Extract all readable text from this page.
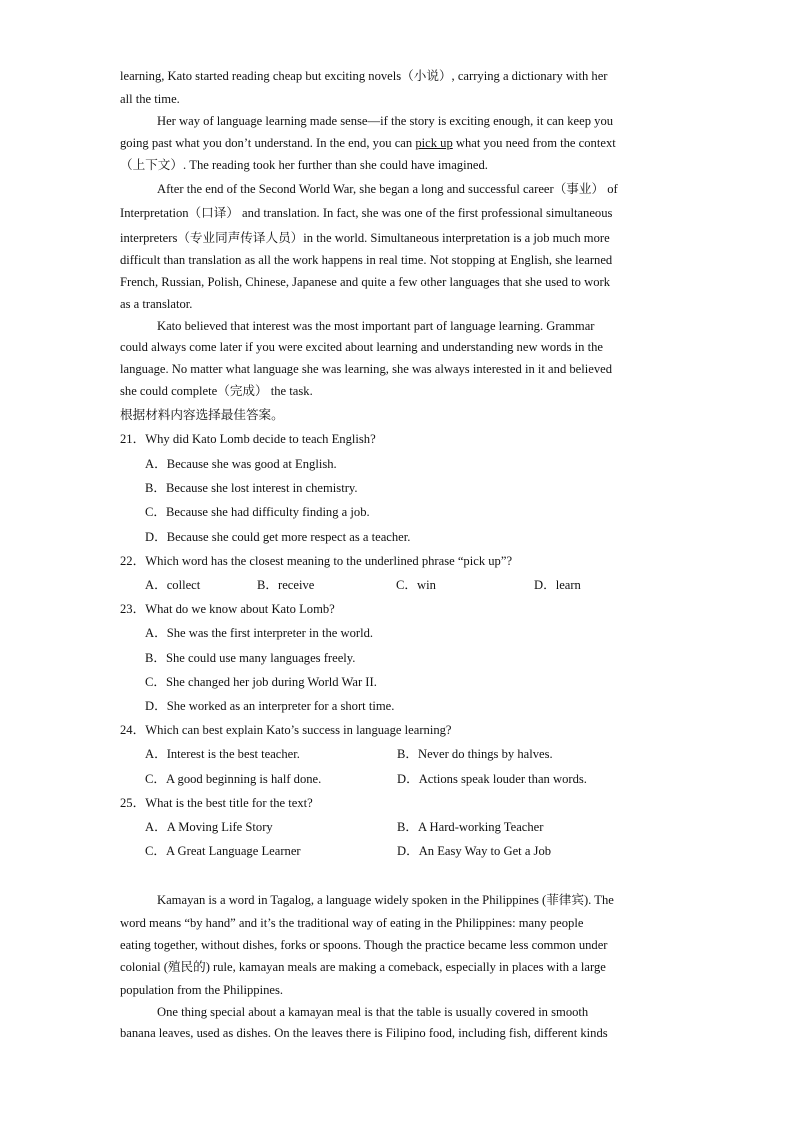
learning, Kato started reading cheap but exciting novels（小说）, carrying a dictionary with her
all the time.
Her way of language learning made sense—if the story is exciting enough, it can keep you
going past what you don’t understand. In the end, you can pick up what you need from the context
（上下文）. The reading took her further than she could have imagined.
After the end of the Second World War, she began a long and successful career（事业） of
Interpretation（口译） and translation. In fact, she was one of the first professional simultaneous
interpreters（专业同声传译人员）in the world. Simultaneous interpretation is a job much more
difficult than translation as all the work happens in real time. Not stopping at English, she learned
French, Russian, Polish, Chinese, Japanese and quite a few other languages that she used to work
as a translator.
Kato believed that interest was the most important part of language learning. Grammar
could always come later if you were excited about learning and understanding new words in the
language. No matter what language she was learning, she was always interested in it and believed
she could complete（完成） the task.
根据材料内容选择最佳答案。
21．Why did Kato Lomb decide to teach English?
A．Because she was good at English.
B．Because she lost interest in chemistry.
C．Because she had difficulty finding a job.
D．Because she could get more respect as a teacher.
22．Which word has the closest meaning to the underlined phrase “pick up”?
A．collect	B．receive	C．win	D．learn
23．What do we know about Kato Lomb?
A．She was the first interpreter in the world.
B．She could use many languages freely.
C．She changed her job during World War II.
D．She worked as an interpreter for a short time.
24．Which can best explain Kato’s success in language learning?
A．Interest is the best teacher.	B．Never do things by halves.
C．A good beginning is half done.	D．Actions speak louder than words.
25．What is the best title for the text?
A．A Moving Life Story	B．A Hard-working Teacher
C．A Great Language Learner	D．An Easy Way to Get a Job
Kamayan is a word in Tagalog, a language widely spoken in the Philippines (菲律宾). The
word means “by hand” and it’s the traditional way of eating in the Philippines: many people
eating together, without dishes, forks or spoons. Though the practice became less common under
colonial (殖民的) rule, kamayan meals are making a comeback, especially in places with a large
population from the Philippines.
One thing special about a kamayan meal is that the table is usually covered in smooth
banana leaves, used as dishes. On the leaves there is Filipino food, including fish, different kinds
